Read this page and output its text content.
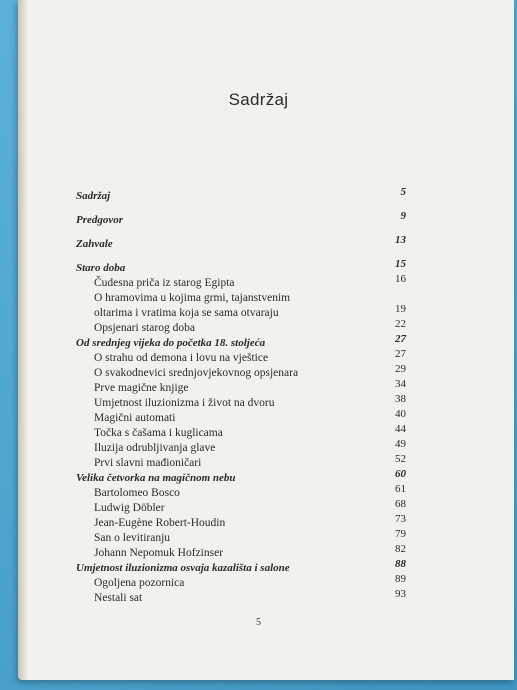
Sadržaj
Sadržaj	5
Predgovor	9
Zahvale	13
Staro doba	15
Čudesna priča iz starog Egipta	16
O hramovima u kojima grmi, tajanstvenim
oltarima i vratima koja se sama otvaraju	19
Opsjenari starog doba	22
Od srednjeg vijeka do početka 18. stoljeća	27
O strahu od demona i lovu na vještice	27
O svakodnevici srednjovjekovnog opsjenara	29
Prve magične knjige	34
Umjetnost iluzionizma i život na dvoru	38
Magični automati	40
Točka s čašama i kuglicama	44
Iluzija odrubljivanja glave	49
Prvi slavni mađioničari	52
Velika četvorka na magičnom nebu	60
Bartolomeo Bosco	61
Ludwig Döbler	68
Jean-Eugène Robert-Houdin	73
San o levitiranju	79
Johann Nepomuk Hofzinser	82
Umjetnost iluzionizma osvaja kazališta i salone	88
Ogoljena pozornica	89
Nestali sat	93
5
